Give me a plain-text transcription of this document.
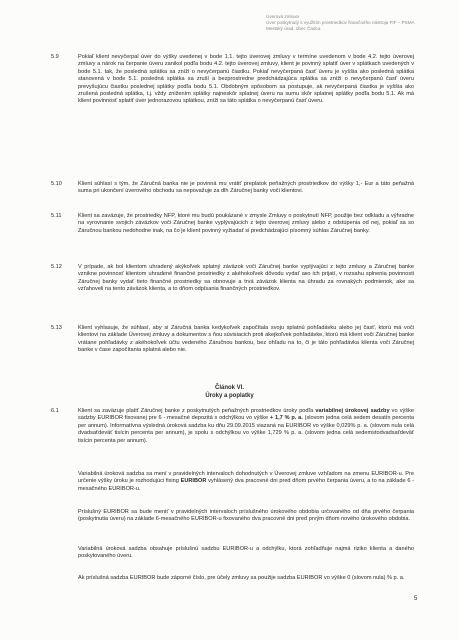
Úverová zmluva
Úver poskytnutý s využitím prostriedkov finančného nástroja FIF – PSMA
Mestský úrad, obec Čadca
5.9	Pokiaľ klient nevyčerpal úver do výšky uvedenej v bode 1.1. tejto úverovej zmluvy v termíne uvedenom v bode 4.2. tejto úverovej zmluvy a nárok na čerpanie úveru zanikol podľa bodu 4.2. tejto úverovej zmluvy, klient je povinný splatiť úver v splátkach uvedených v bode 5.1. tak, že posledná splátka sa zníži o nevyčerpanú čiastku. Pokiaľ nevyčerpaná časť úveru je vyššia ako posledná splátka stanovená v bode 5.1. posledná splátka sa zruší a bezprostredne predchádzajúca splátka sa zníži o nevyčerpanú časť úveru prevyšujúcu čiastku poslednej splátky podľa bodu 5.1. Obdobným spôsobom sa postupuje, ak nevyčerpaná čiastka je vyššia ako zrušená posledná splátka, t.j. vždy znižením splátky najneskôr splatnej úveru na sumu skôr splatnej splátky podľa bodu 5.1. Ak má klient povinnosť splatiť úver jednorazovou splátkou, zníži sa táto splátka o nevyčerpanú časť úveru.
5.10	Klient súhlasí s tým, že Záručná banka nie je povinná mu vrátiť preplatok peňažných prostriedkov do výšky 1,- Eur a táto peňažná suma pri ukončení úverového obchodu sa nepovažuje za dlh Záručnej banky voči klientovi.
5.11	Klient sa zaväzuje, že prostriedky NFP, ktoré mu budú poukázané v zmysle Zmluvy o poskytnutí NFP, použije bez odkladu a výhradne na vyrovnanie svojich záväzkov voči Záručnej banke vyplývajúcich z tejto úverovej zmluvy alebo z odstúpenia od nej, pokiaľ sa so Záručnou bankou nedohodne inak, na čo je klient povinný vyžiadať si predchádzajúci písomný súhlas Záručnej banky.
5.12	V prípade, ak bol klientom uhradený akýkoľvek splatný záväzok voči Záručnej banke vyplývajúci z tejto zmluvy a Záručnej banke vznikne povinnosť klientom uhradené finančné prostriedky z akéhokoľvek dôvodu vydať ако ich prijatí, v rozsahu splnenia povinnosti Záručnej banky vydať tieto finančné prostriedky sa obnovuje a trvá záväzok klienta na úhradu za rovnakých podmienok, ake sa vzťahoveli na tento záväzok klienta, a to dňom odpísania finančných prostriedkov.
5.13	Klient vyhlasuje, že súhlasí, aby si Záručná banka kedykoľvek započítala svoju splatnú pohľadávku alebo jej časť, ktorú má voči klientovi na základe Úverovej zmluvy a dokumentov s ňou súvisiacich proti akejkoľvek pohľadávke, ktorú má klient voči Záručnej banke vrátane pohľadávky z akéhokoľvek účtu vedeného Záručnou bankou, bez ohľadu na to, či je táto pohľadávka klienta voči Záručnej banke v čase započítania splatná alebo nie.
Článok VI.
Úroky a poplatky
6.1	Klient sa zaväzuje platiť Záručnej banke z poskytnutých peňažných prostriedkov úroky podľa variabilnej úrokovej sadzby vo výške sadzby EURIBOR fixovanej pre 6 - mesačné depozitá s odchýlkou vo výške + 1,7 % p. a. (slovom jedna celá sedem desatín percenta per annum). Informatívna výsledná úroková sadzba ku dňu 29.09.2015 viazaná na EURIBOR vo výške 0,029% p. a. (slovom nula celá dvadsaťdeväť tisícin percenta per annum), je spolu s odchýlkou vo výške 1,729 % p. a. (slovom jedna celá sedemstodvadsaťdeväť tisícin percenta per annum).
Variabilná úroková sadzba sa mení v pravidelných intervaloch dohodnutých v Úverovej zmluve vzhľadom na zmenu EURIBOR-u. Pre určenie výšky úroku je rozhodujúci fixing EURIBOR vyhlásený dva pracovné dni pred dňom prvého čerpania úveru, a to na základe 6 -mesačného EURIBOR-u.
Príslušný EURIBOR sa bude meniť v pravidelných intervaloch príslušného úrokového obdobia určovaného od dňa prvého čerpania (poskytnutia úveru) na základe 6-mesačného EURIBOR-u fixovaného dva pracovné dni pred prvým dňom nového úrokového obdobia.
Variabilná úroková sadzba obsahuje príslušnú sadzbu EURIBOR-u a odchýlku, ktorá zohľadňuje najmä riziko klienta a daného poskytovaného úveru.
Ak príslušná sadzba EURIBOR bude záporné číslo, pre účely zmluvy sa použije sadzba EURIBOR vo výške 0 (slovom nula) % p. a.
5
